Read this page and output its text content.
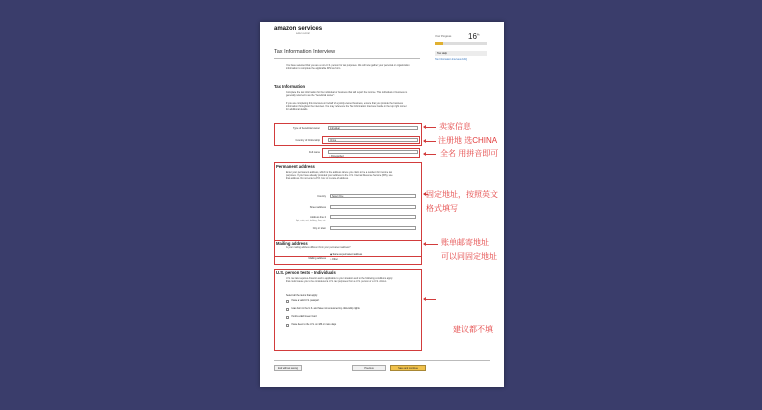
amazon services
seller central
Tax Information Interview
Your Progress 16%
Tax Help
Tax Information Interview FAQ
You have selected that you are a non-U.S. person for tax purposes. We will now gather your personal or organization information to complete the applicable IRS tax form.
Tax Information
Complete the tax information for the individual or business that will report the income. This individual or business is generally referred to as the "beneficial owner".
If you are completing this interview on behalf of a jointly-owned business, ensure that you provide the business information throughout the interview. You may reference the Tax Information Interview Guide in the top right corner for additional details.
Type of beneficial owner	Individual
Country of Citizenship	China
Full name
○ Disregarded
Permanent address
Enter your permanent address, which is the address where you claim to be a resident for income tax purposes. If you have already provided your address to the U.S. Internal Revenue Service (IRS), use that address. Do not enter a P.O. box or in-care-of address.
Country	Select One
Street address
Address line 2
Apt, suite, unit, building, floor, etc.
City or town
Mailing address
Is your mailing address different from your permanent address?
Mailing address
◉ Same as permanent address
○ Other
U.S. person tests - Individuals
U.S. tax law requires Amazon and is applicable to your situation and to the following conditions apply that could cause you to be considered a U.S. tax purposes from a U.S. person or a U.S. citizen.
Select all the items that apply:
I have a valid U.S. passport
I was born in the U.S. and have not renounced my citizenship rights
I hold a valid Green Card
I have been to the U.S. on 183 or more days
Exit without saving	Previous	Save and continue
卖家信息
注册地 选CHINA
全名 用拼音即可
固定地址，按照英文
格式填写
账单邮寄地址
可以同固定地址
建议都不填
